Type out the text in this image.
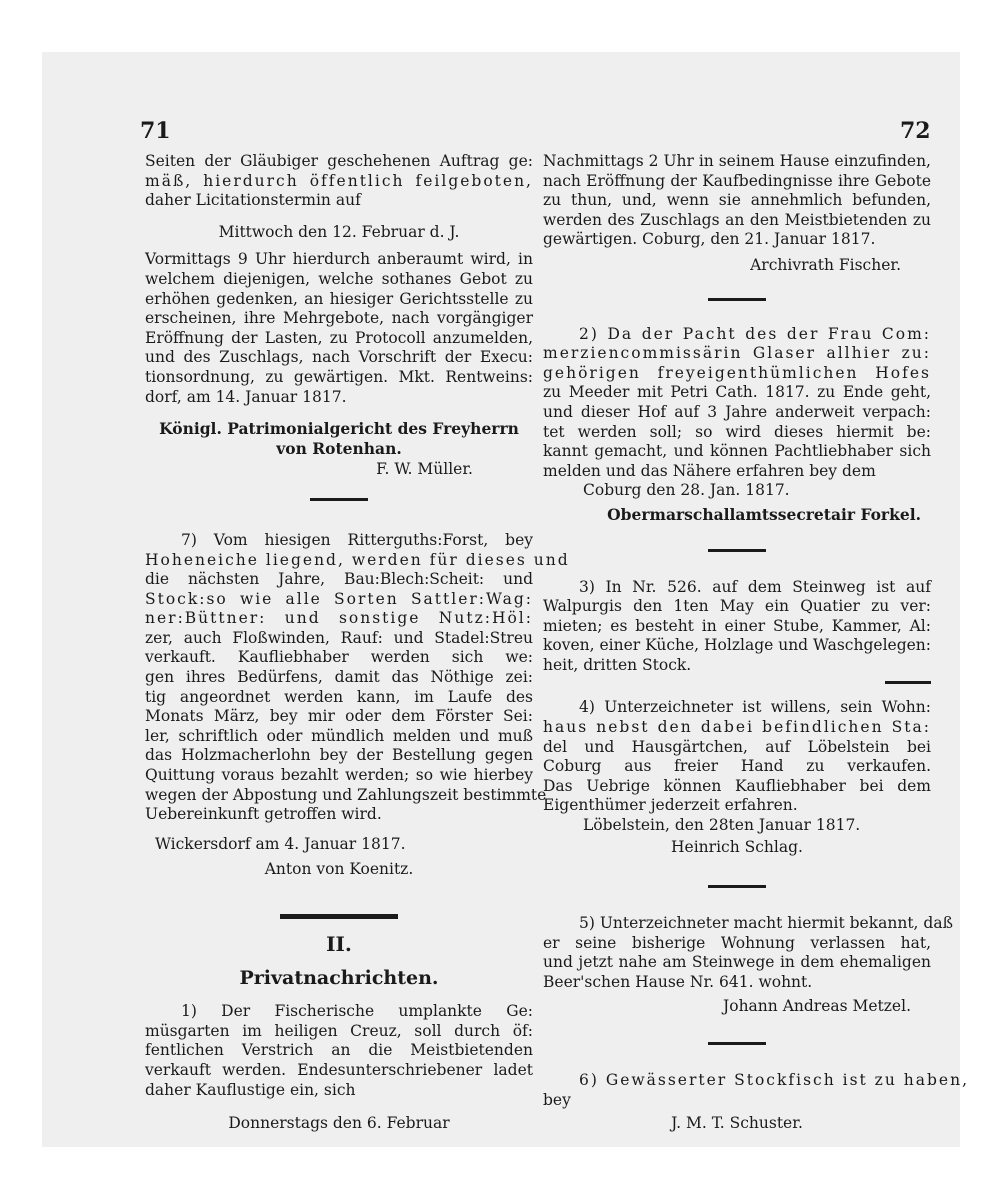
71	72

Seiten der Gläubiger geschehenen Auftrag ge:
mäß, hierdurch öffentlich feilgeboten,
daher Licitationstermin auf

Mittwoch den 12. Februar d. J.

Vormittags 9 Uhr hierdurch anberaumt wird, in
welchem diejenigen, welche sothanes Gebot zu
erhöhen gedenken, an hiesiger Gerichtsstelle zu
erscheinen, ihre Mehrgebote, nach vorgängiger
Eröffnung der Lasten, zu Protocoll anzumelden,
und des Zuschlags, nach Vorschrift der Execu:
tionsordnung, zu gewärtigen. Mkt. Rentweins:
dorf, am 14. Januar 1817.

Königl. Patrimonialgericht des Freyherrn
von Rotenhan.

F. W. Müller.

7) Vom hiesigen Ritterguths:Forst, bey
Hoheneiche liegend, werden für dieses und
die nächsten Jahre, Bau:Blech:Scheit: und
Stock:so wie alle Sorten Sattler:Wag:
ner:Büttner: und sonstige Nutz:Höl:
zer, auch Floßwinden, Rauf: und Stadel:Streu
verkauft. Kaufliebhaber werden sich we:
gen ihres Bedürfens, damit das Nöthige zei:
tig angeordnet werden kann, im Laufe des
Monats März, bey mir oder dem Förster Sei:
ler, schriftlich oder mündlich melden und muß
das Holzmacherlohn bey der Bestellung gegen
Quittung voraus bezahlt werden; so wie hierbey
wegen der Abpostung und Zahlungszeit bestimmte
Uebereinkunft getroffen wird.

Wickersdorf am 4. Januar 1817.

Anton von Koenitz.

II.

Privatnachrichten.

1) Der Fischerische umplankte Ge:
müsgarten im heiligen Creuz, soll durch öf:
fentlichen Verstrich an die Meistbietenden
verkauft werden. Endesunterschriebener ladet
daher Kauflustige ein, sich

Donnerstags den 6. Februar

Nachmittags 2 Uhr in seinem Hause einzufinden,
nach Eröffnung der Kaufbedingnisse ihre Gebote
zu thun, und, wenn sie annehmlich befunden,
werden des Zuschlags an den Meistbietenden zu
gewärtigen. Coburg, den 21. Januar 1817.

Archivrath Fischer.

2) Da der Pacht des der Frau Com:
merziencommissärin Glaser allhier zu:
gehörigen freyeigenthümlichen Hofes
zu Meeder mit Petri Cath. 1817. zu Ende geht,
und dieser Hof auf 3 Jahre anderweit verpach:
tet werden soll; so wird dieses hiermit be:
kannt gemacht, und können Pachtliebhaber sich
melden und das Nähere erfahren bey dem

Coburg den 28. Jan. 1817.

Obermarschallamtssecretair Forkel.

3) In Nr. 526. auf dem Steinweg ist auf
Walpurgis den 1ten May ein Quatier zu ver:
mieten; es besteht in einer Stube, Kammer, Al:
koven, einer Küche, Holzlage und Waschgelegen:
heit, dritten Stock.

4) Unterzeichneter ist willens, sein Wohn:
haus nebst den dabei befindlichen Sta:
del und Hausgärtchen, auf Löbelstein bei
Coburg aus freier Hand zu verkaufen.
Das Uebrige können Kaufliebhaber bei dem
Eigenthümer jederzeit erfahren.

Löbelstein, den 28ten Januar 1817.

Heinrich Schlag.

5) Unterzeichneter macht hiermit bekannt, daß
er seine bisherige Wohnung verlassen hat,
und jetzt nahe am Steinwege in dem ehemaligen
Beer'schen Hause Nr. 641. wohnt.

Johann Andreas Metzel.

6) Gewässerter Stockfisch ist zu haben,
bey

J. M. T. Schuster.
